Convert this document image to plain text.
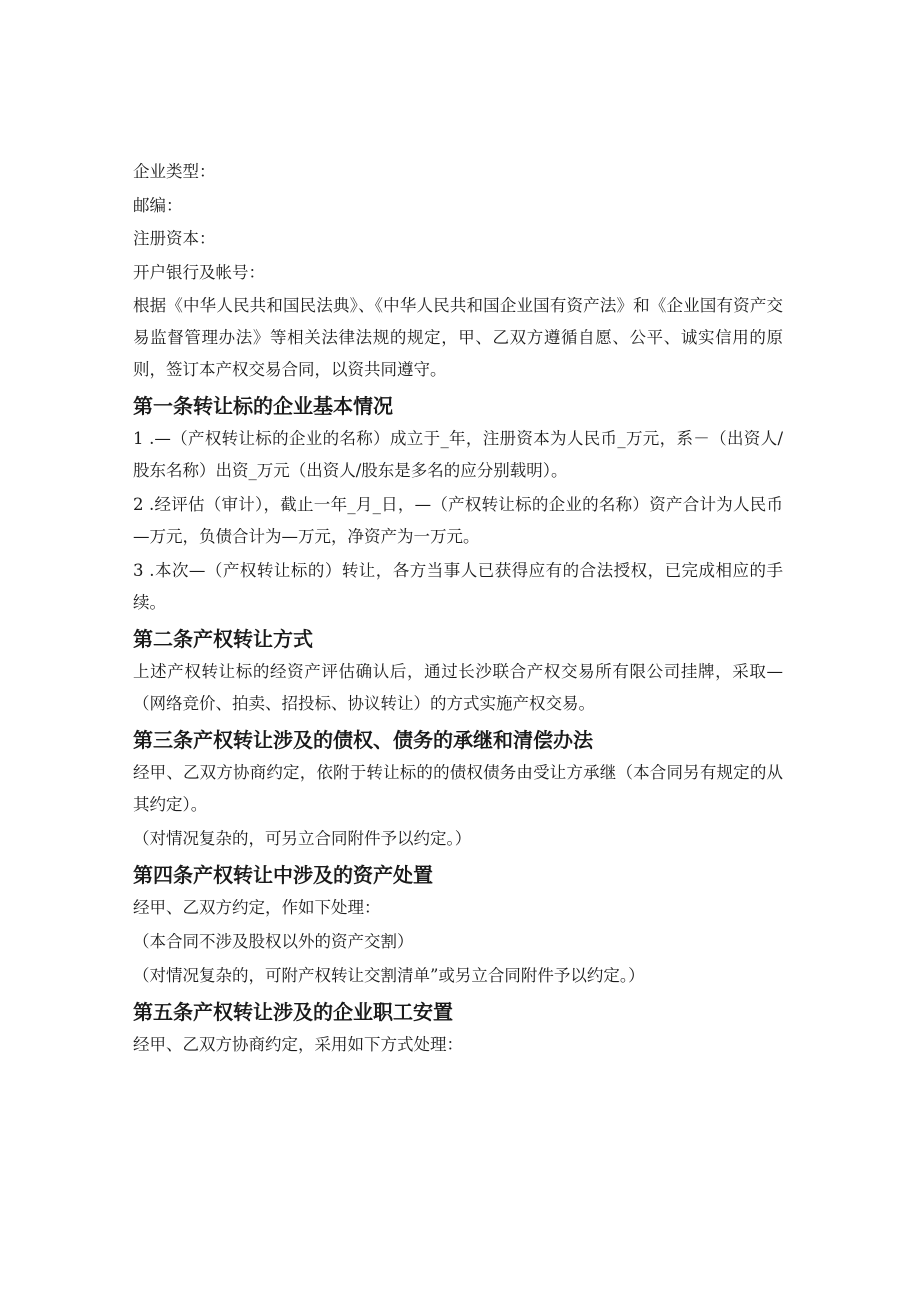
企业类型：

邮编：

注册资本：

开户银行及帐号：

根据《中华人民共和国民法典》、《中华人民共和国企业国有资产法》和《企业国有资产交易监督管理办法》等相关法律法规的规定，甲、乙双方遵循自愿、公平、诚实信用的原则，签订本产权交易合同，以资共同遵守。

第一条转让标的企业基本情况

1 .—（产权转让标的企业的名称）成立于_年，注册资本为人民币_万元，系－（出资人/股东名称）出资_万元（出资人/股东是多名的应分别载明）。

2 .经评估（审计），截止一年_月_日，—（产权转让标的企业的名称）资产合计为人民币—万元，负债合计为—万元，净资产为一万元。

3 .本次—（产权转让标的）转让，各方当事人已获得应有的合法授权，已完成相应的手续。

第二条产权转让方式

上述产权转让标的经资产评估确认后，通过长沙联合产权交易所有限公司挂牌，采取—（网络竞价、拍卖、招投标、协议转让）的方式实施产权交易。

第三条产权转让涉及的债权、债务的承继和清偿办法

经甲、乙双方协商约定，依附于转让标的的债权债务由受让方承继（本合同另有规定的从其约定）。

（对情况复杂的，可另立合同附件予以约定。）

第四条产权转让中涉及的资产处置

经甲、乙双方约定，作如下处理：

（本合同不涉及股权以外的资产交割）

（对情况复杂的，可附产权转让交割清单”或另立合同附件予以约定。）

第五条产权转让涉及的企业职工安置

经甲、乙双方协商约定，采用如下方式处理：
